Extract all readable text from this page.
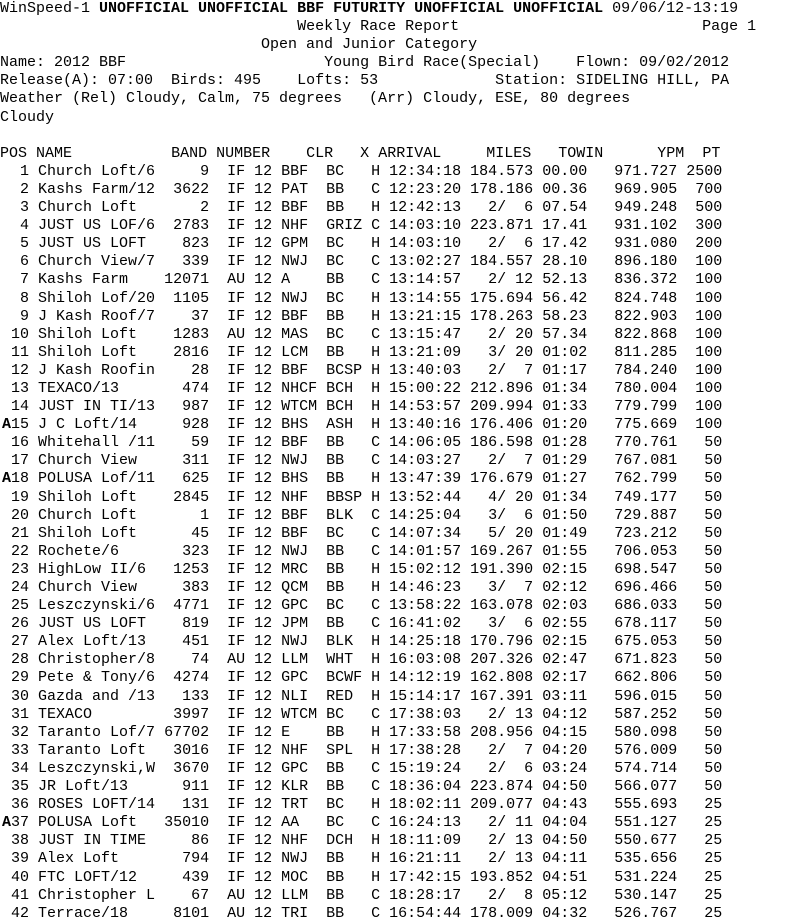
WinSpeed-1 UNOFFICIAL UNOFFICIAL BBF FUTURITY UNOFFICIAL UNOFFICIAL 09/06/12-13:19
Weekly Race Report	Page 1
Open and Junior Category
Name: 2012 BBF	Young Bird Race(Special) Flown: 09/02/2012
Release(A): 07:00 Birds: 495 Lofts: 53	Station: SIDELING HILL, PA
Weather (Rel) Cloudy, Calm, 75 degrees   (Arr) Cloudy, ESE, 80 degrees
Cloudy
POS NAME	BAND NUMBER CLR X ARRIVAL	MILES TOWIN	YPM PT
1 Church Loft/6     9  IF 12 BBF  BC   H 12:34:18 184.573 00.00   971.727 2500
2 Kashs Farm/12  3622  IF 12 PAT  BB   C 12:23:20 178.186 00.36   969.905  700
3 Church Loft       2  IF 12 BBF  BB   H 12:42:13   2/  6 07.54   949.248  500
4 JUST US LOF/6  2783  IF 12 NHF  GRIZ C 14:03:10 223.871 17.41   931.102  300
5 JUST US LOFT    823  IF 12 GPM  BC   H 14:03:10   2/  6 17.42   931.080  200
6 Church View/7   339  IF 12 NWJ  BC   C 13:02:27 184.557 28.10   896.180  100
7 Kashs Farm    12071  AU 12 A    BB   C 13:14:57   2/ 12 52.13   836.372  100
8 Shiloh Lof/20  1105  IF 12 NWJ  BC   H 13:14:55 175.694 56.42   824.748  100
9 J Kash Roof/7    37  IF 12 BBF  BB   H 13:21:15 178.263 58.23   822.903  100
10 Shiloh Loft    1283  AU 12 MAS  BC   C 13:15:47   2/ 20 57.34   822.868  100
11 Shiloh Loft    2816  IF 12 LCM  BB   H 13:21:09   3/ 20 01:02   811.285  100
12 J Kash Roofin    28  IF 12 BBF  BCSP H 13:40:03   2/  7 01:17   784.240  100
13 TEXACO/13       474  IF 12 NHCF BCH  H 15:00:22 212.896 01:34   780.004  100
14 JUST IN TI/13   987  IF 12 WTCM BCH  H 14:53:57 209.994 01:33   779.799  100
A15 J C Loft/14     928  IF 12 BHS  ASH  H 13:40:16 176.406 01:20   775.669  100
16 Whitehall /11    59  IF 12 BBF  BB   C 14:06:05 186.598 01:28   770.761   50
17 Church View     311  IF 12 NWJ  BB   C 14:03:27   2/  7 01:29   767.081   50
A18 POLUSA Lof/11   625  IF 12 BHS  BB   H 13:47:39 176.679 01:27   762.799   50
19 Shiloh Loft    2845  IF 12 NHF  BBSP H 13:52:44   4/ 20 01:34   749.177   50
20 Church Loft       1  IF 12 BBF  BLK  C 14:25:04   3/  6 01:50   729.887   50
21 Shiloh Loft      45  IF 12 BBF  BC   C 14:07:34   5/ 20 01:49   723.212   50
22 Rochete/6       323  IF 12 NWJ  BB   C 14:01:57 169.267 01:55   706.053   50
23 HighLow II/6   1253  IF 12 MRC  BB   H 15:02:12 191.390 02:15   698.547   50
24 Church View     383  IF 12 QCM  BB   H 14:46:23   3/  7 02:12   696.466   50
25 Leszczynski/6  4771  IF 12 GPC  BC   C 13:58:22 163.078 02:03   686.033   50
26 JUST US LOFT    819  IF 12 JPM  BB   C 16:41:02   3/  6 02:55   678.117   50
27 Alex Loft/13    451  IF 12 NWJ  BLK  H 14:25:18 170.796 02:15   675.053   50
28 Christopher/8    74  AU 12 LLM  WHT  H 16:03:08 207.326 02:47   671.823   50
29 Pete & Tony/6  4274  IF 12 GPC  BCWF H 14:12:19 162.808 02:17   662.806   50
30 Gazda and /13   133  IF 12 NLI  RED  H 15:14:17 167.391 03:11   596.015   50
31 TEXACO         3997  IF 12 WTCM BC   C 17:38:03   2/ 13 04:12   587.252   50
32 Taranto Lof/7 67702  IF 12 E    BB   H 17:33:58 208.956 04:15   580.098   50
33 Taranto Loft   3016  IF 12 NHF  SPL  H 17:38:28   2/  7 04:20   576.009   50
34 Leszczynski,W  3670  IF 12 GPC  BB   C 15:19:24   2/  6 03:24   574.714   50
35 JR Loft/13      911  IF 12 KLR  BB   C 18:36:04 223.874 04:50   566.077   50
36 ROSES LOFT/14   131  IF 12 TRT  BC   H 18:02:11 209.077 04:43   555.693   25
A37 POLUSA Loft   35010  IF 12 AA   BC   C 16:24:13   2/ 11 04:04   551.127   25
38 JUST IN TIME     86  IF 12 NHF  DCH  H 18:11:09   2/ 13 04:50   550.677   25
39 Alex Loft       794  IF 12 NWJ  BB   H 16:21:11   2/ 13 04:11   535.656   25
40 FTC LOFT/12     439  IF 12 MOC  BB   H 17:42:15 193.852 04:51   531.224   25
41 Christopher L    67  AU 12 LLM  BB   C 18:28:17   2/  8 05:12   530.147   25
42 Terrace/18     8101  AU 12 TRI  BB   C 16:54:44 178.009 04:32   526.767   25
